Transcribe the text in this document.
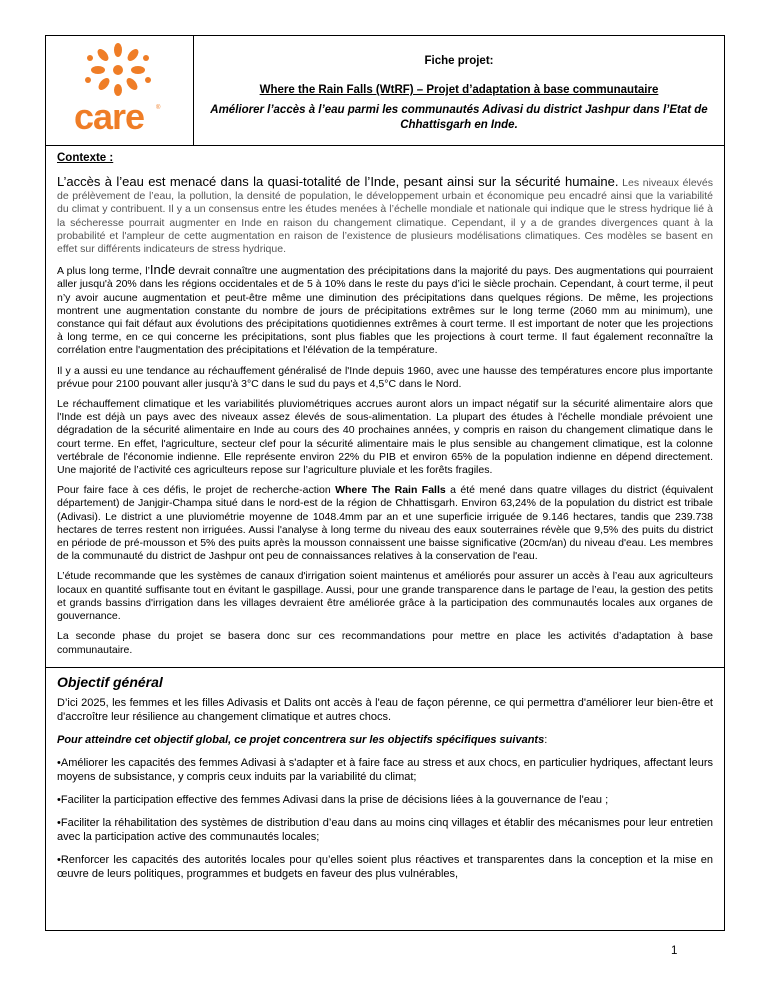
care ®
Fiche projet:
Where the Rain Falls (WtRF) – Projet d’adaptation à base communautaire
Améliorer l’accès à l’eau parmi les communautés Adivasi du district Jashpur dans l’Etat de Chhattisgarh en Inde.
Contexte :

L’accès à l’eau est menacé dans la quasi-totalité de l’Inde, pesant ainsi sur la sécurité humaine. Les niveaux élevés de prélèvement de l’eau, la pollution, la densité de population, le développement urbain et économique peu encadré ainsi que la variabilité du climat y contribuent. Il y a un consensus entre les études menées à l’échelle mondiale et nationale qui indique que le stress hydrique lié à la sécheresse pourrait augmenter en Inde en raison du changement climatique. Cependant, il y a de grandes divergences quant à la probabilité et l'ampleur de cette augmentation en raison de l’existence de plusieurs modélisations climatiques. Ces modèles se basent en effet sur différents indicateurs de stress hydrique.

A plus long terme, l’Inde devrait connaître une augmentation des précipitations dans la majorité du pays. Des augmentations qui pourraient aller jusqu'à 20% dans les régions occidentales et de 5 à 10% dans le reste du pays d’ici le siècle prochain. Cependant, à court terme, il peut n’y avoir aucune augmentation et peut-être même une diminution des précipitations dans quelques régions. De même, les projections montrent une augmentation constante du nombre de jours de précipitations extrêmes sur le long terme (2060 mm au minimum), une constance qui fait défaut aux évolutions des précipitations quotidiennes extrêmes à court terme. Il est important de noter que les projections à long terme, en ce qui concerne les précipitations, sont plus fiables que les projections à court terme. Il faut également reconnaître la corrélation entre l'augmentation des précipitations et l'élévation de la température.

Il y a aussi eu une tendance au réchauffement généralisé de l'Inde depuis 1960, avec une hausse des températures encore plus importante prévue pour 2100 pouvant aller jusqu'à 3°C dans le sud du pays et 4,5°C dans le Nord.

Le réchauffement climatique et les variabilités pluviométriques accrues auront alors un impact négatif sur la sécurité alimentaire alors que l'Inde est déjà un pays avec des niveaux assez élevés de sous-alimentation. La plupart des études à l'échelle mondiale prévoient une dégradation de la sécurité alimentaire en Inde au cours des 40 prochaines années, y compris en raison du changement climatique dans le court terme. En effet, l'agriculture, secteur clef pour la sécurité alimentaire mais le plus sensible au changement climatique, est la colonne vertébrale de l'économie indienne. Elle représente environ 22% du PIB et environ 65% de la population indienne en dépend directement. Une majorité de l’activité ces agriculteurs repose sur l’agriculture pluviale et les forêts fragiles.

Pour faire face à ces défis, le projet de recherche-action Where The Rain Falls a été mené dans quatre villages du district (équivalent département) de Janjgir-Champa situé dans le nord-est de la région de Chhattisgarh. Environ 63,24% de la population du district est tribale (Adivasi). Le district a une pluviométrie moyenne de 1048.4mm par an et une superficie irriguée de 9.146 hectares, tandis que 239.738 hectares de terres restent non irriguées. Aussi l'analyse à long terme du niveau des eaux souterraines révèle que 9,5% des puits du district en période de pré-mousson et 5% des puits après la mousson connaissent une baisse significative (20cm/an) du niveau d'eau. Les membres de la communauté du district de Jashpur ont peu de connaissances relatives à la conservation de l'eau.

L’étude recommande que les systèmes de canaux d'irrigation soient maintenus et améliorés pour assurer un accès à l’eau aux agriculteurs locaux en quantité suffisante tout en évitant le gaspillage. Aussi, pour une grande transparence dans le partage de l’eau, la gestion des petits et grands bassins d'irrigation dans les villages devraient être améliorée grâce à la participation des communautés locales aux organes de gouvernance.

La seconde phase du projet se basera donc sur ces recommandations pour mettre en place les activités d’adaptation à base communautaire.

Objectif général

D’ici 2025, les femmes et les filles Adivasis et Dalits ont accès à l'eau de façon pérenne, ce qui permettra d'améliorer leur bien-être et d'accroître leur résilience au changement climatique et autres chocs.

Pour atteindre cet objectif global, ce projet concentrera sur les objectifs spécifiques suivants:

•Améliorer les capacités des femmes Adivasi à s'adapter et à faire face au stress et aux chocs, en particulier hydriques, affectant leurs moyens de subsistance, y compris ceux induits par la variabilité du climat;

•Faciliter la participation effective des femmes Adivasi dans la prise de décisions liées à la gouvernance de l'eau ;

•Faciliter la réhabilitation des systèmes de distribution d’eau dans au moins cinq villages et établir des mécanismes pour leur entretien avec la participation active des communautés locales;

•Renforcer les capacités des autorités locales pour qu’elles soient plus réactives et transparentes dans la conception et la mise en œuvre de leurs politiques, programmes et budgets en faveur des plus vulnérables,

1
